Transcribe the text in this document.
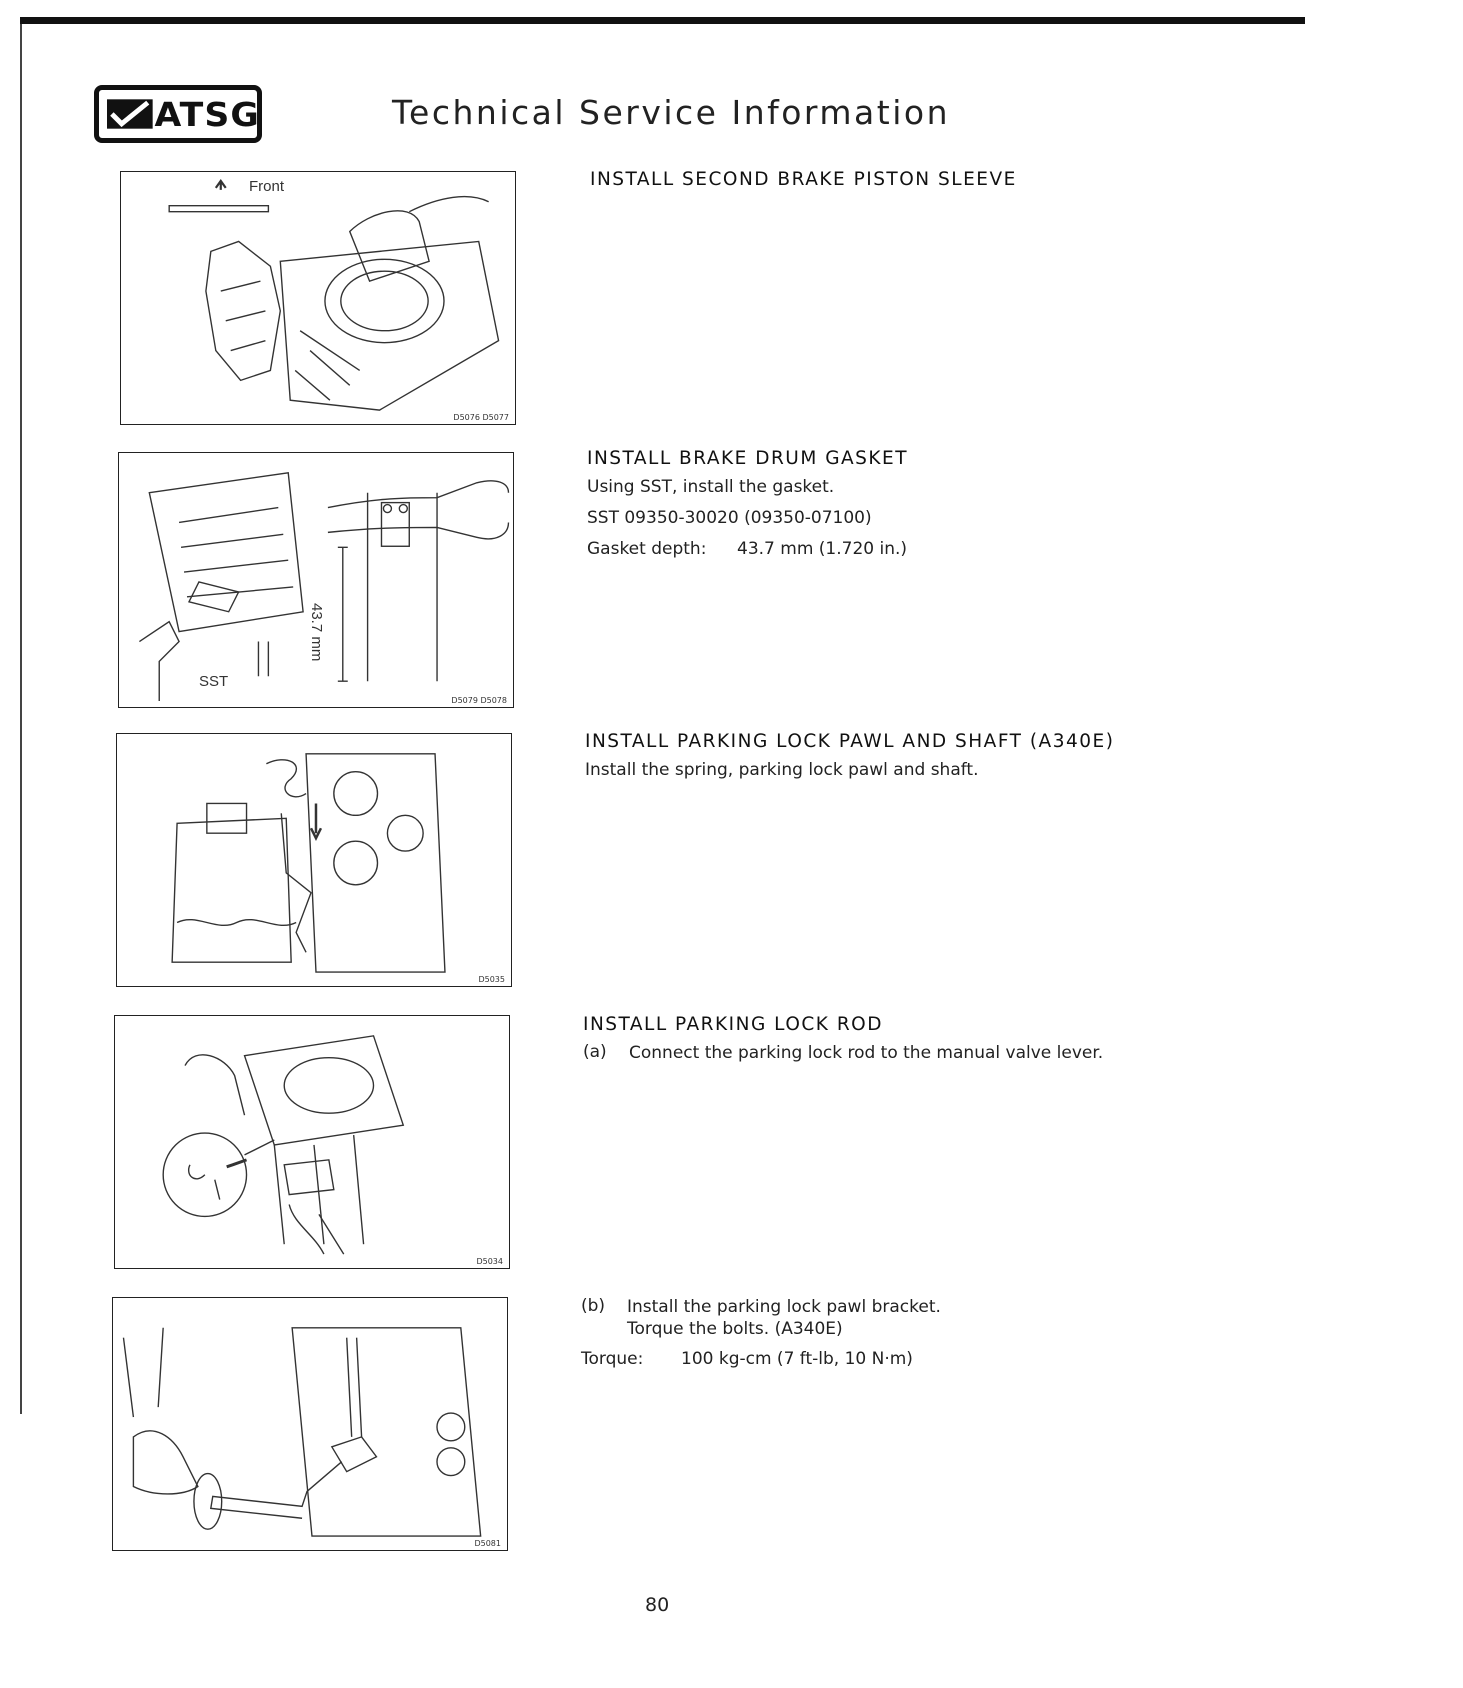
ATSG	Technical Service Information
Front
D5076 D5077
SST
43.7 mm
D5079 D5078
D5035
D5034
D5081
INSTALL SECOND BRAKE PISTON SLEEVE
INSTALL BRAKE DRUM GASKET

Using SST, install the gasket.

SST 09350-30020 (09350-07100)

Gasket depth: 43.7 mm (1.720 in.)

INSTALL PARKING LOCK PAWL AND SHAFT (A340E)

Install the spring, parking lock pawl and shaft.

INSTALL PARKING LOCK ROD
(a)	Connect the parking lock rod to the manual valve lever.

(b)	Install the parking lock pawl bracket.

Torque the bolts. (A340E)

Torque: 100 kg-cm (7 ft-lb, 10 N·m)

80
